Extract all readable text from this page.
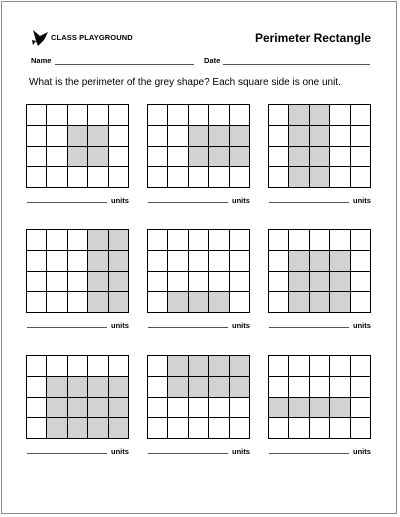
CLASS PLAYGROUND	Perimeter Rectangle
Name	Date
What is the perimeter of the grey shape? Each square side is one unit.
units	units	units
units	units	units
units	units	units
